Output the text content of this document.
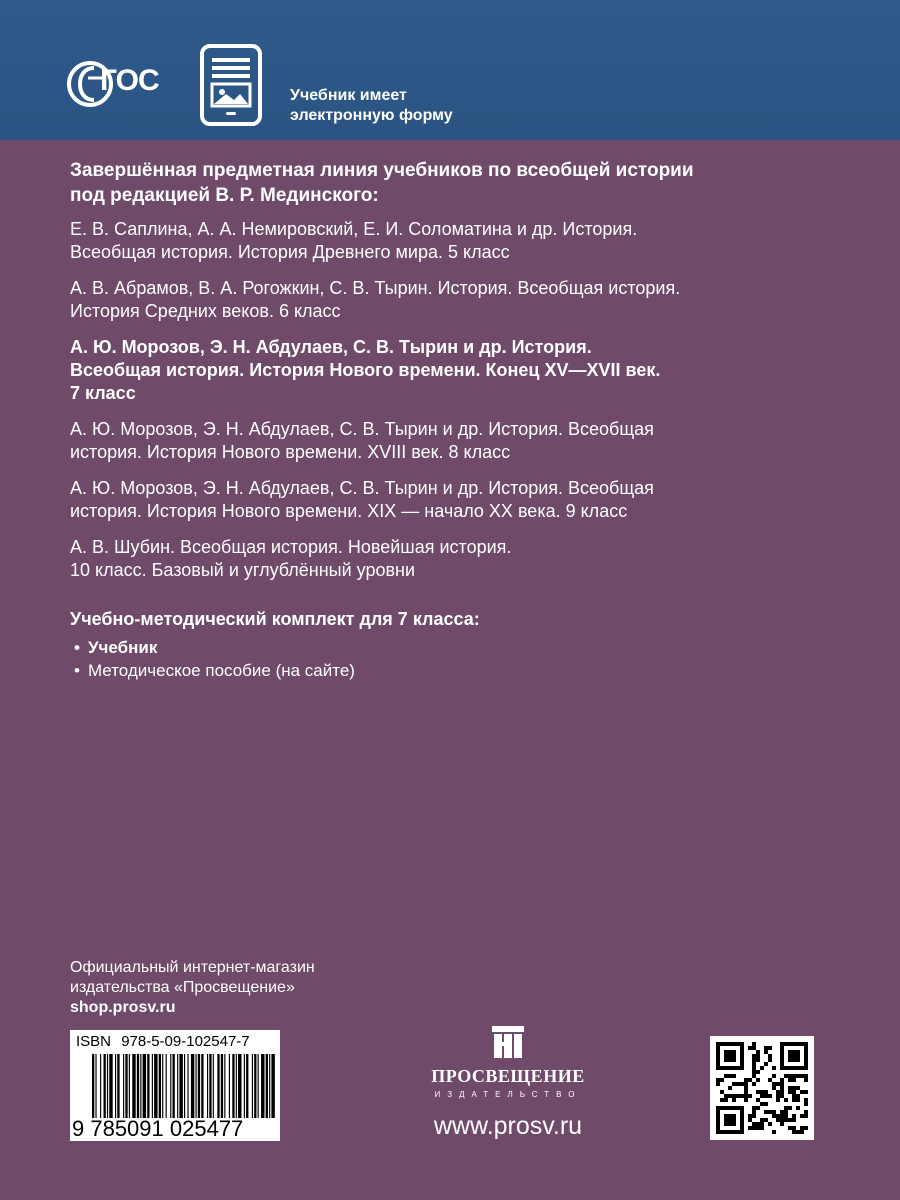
ГОС	Учебник имеет
электронную форму
Завершённая предметная линия учебников по всеобщей истории
под редакцией В. Р. Мединского:
Е. В. Саплина, А. А. Немировский, Е. И. Соломатина и др. История.
Всеобщая история. История Древнего мира. 5 класс
А. В. Абрамов, В. А. Рогожкин, С. В. Тырин. История. Всеобщая история.
История Средних веков. 6 класс
А. Ю. Морозов, Э. Н. Абдулаев, С. В. Тырин и др. История.
Всеобщая история. История Нового времени. Конец XV—XVII век.
7 класс
А. Ю. Морозов, Э. Н. Абдулаев, С. В. Тырин и др. История. Всеобщая
история. История Нового времени. XVIII век. 8 класс
А. Ю. Морозов, Э. Н. Абдулаев, С. В. Тырин и др. История. Всеобщая
история. История Нового времени. XIX — начало XX века. 9 класс
А. В. Шубин. Всеобщая история. Новейшая история.
10 класс. Базовый и углублённый уровни
Учебно-методический комплект для 7 класса:
• Учебник
• Методическое пособие (на сайте)
Официальный интернет-магазин
издательства «Просвещение»
shop.prosv.ru
ISBN 978-5-09-102547-7
9 785091 025477
ПРОСВЕЩЕНИЕ
ИЗДАТЕЛЬСТВО
www.prosv.ru
